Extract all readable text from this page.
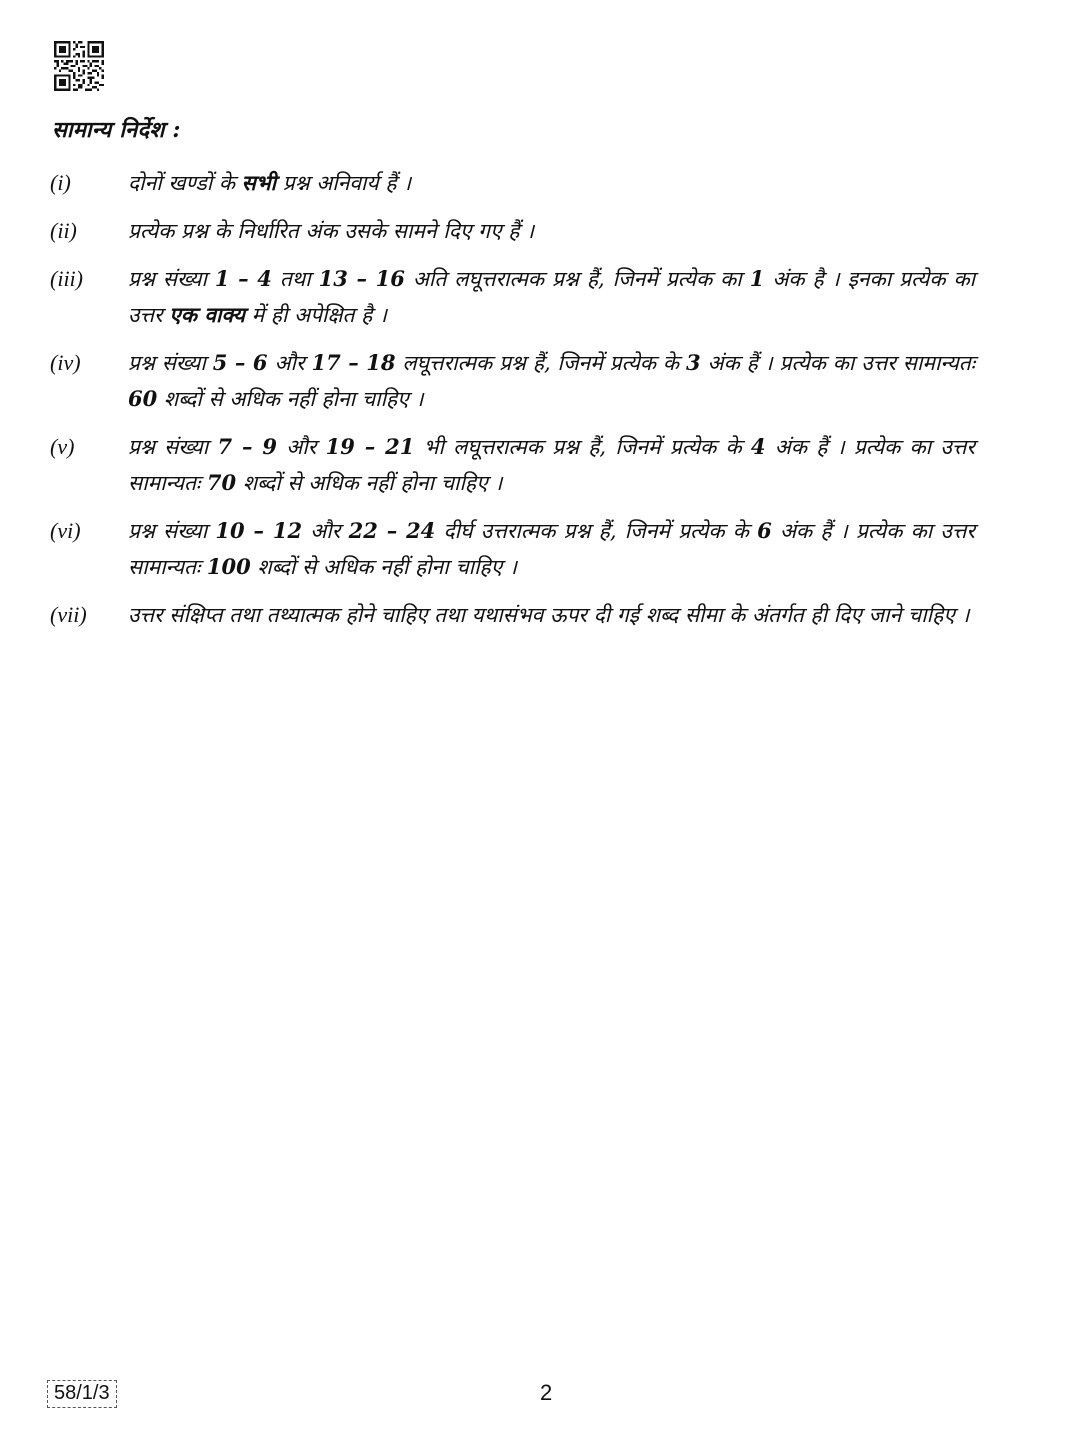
सामान्य निर्देश :
(i)	दोनों खण्डों के सभी प्रश्न अनिवार्य हैं ।
(ii)	प्रत्येक प्रश्न के निर्धारित अंक उसके सामने दिए गए हैं ।
(iii)	प्रश्न संख्या 1 – 4 तथा 13 – 16 अति लघूत्तरात्मक प्रश्न हैं, जिनमें प्रत्येक का 1 अंक है । इनका प्रत्येक का उत्तर एक वाक्य में ही अपेक्षित है ।
(iv)	प्रश्न संख्या 5 – 6 और 17 – 18 लघूत्तरात्मक प्रश्न हैं, जिनमें प्रत्येक के 3 अंक हैं । प्रत्येक का उत्तर सामान्यतः 60 शब्दों से अधिक नहीं होना चाहिए ।
(v)	प्रश्न संख्या 7 – 9 और 19 – 21 भी लघूत्तरात्मक प्रश्न हैं, जिनमें प्रत्येक के 4 अंक हैं । प्रत्येक का उत्तर सामान्यतः 70 शब्दों से अधिक नहीं होना चाहिए ।
(vi)	प्रश्न संख्या 10 – 12 और 22 – 24 दीर्घ उत्तरात्मक प्रश्न हैं, जिनमें प्रत्येक के 6 अंक हैं । प्रत्येक का उत्तर सामान्यतः 100 शब्दों से अधिक नहीं होना चाहिए ।
(vii)	उत्तर संक्षिप्त तथा तथ्यात्मक होने चाहिए तथा यथासंभव ऊपर दी गई शब्द सीमा के अंतर्गत ही दिए जाने चाहिए ।
58/1/3	2
